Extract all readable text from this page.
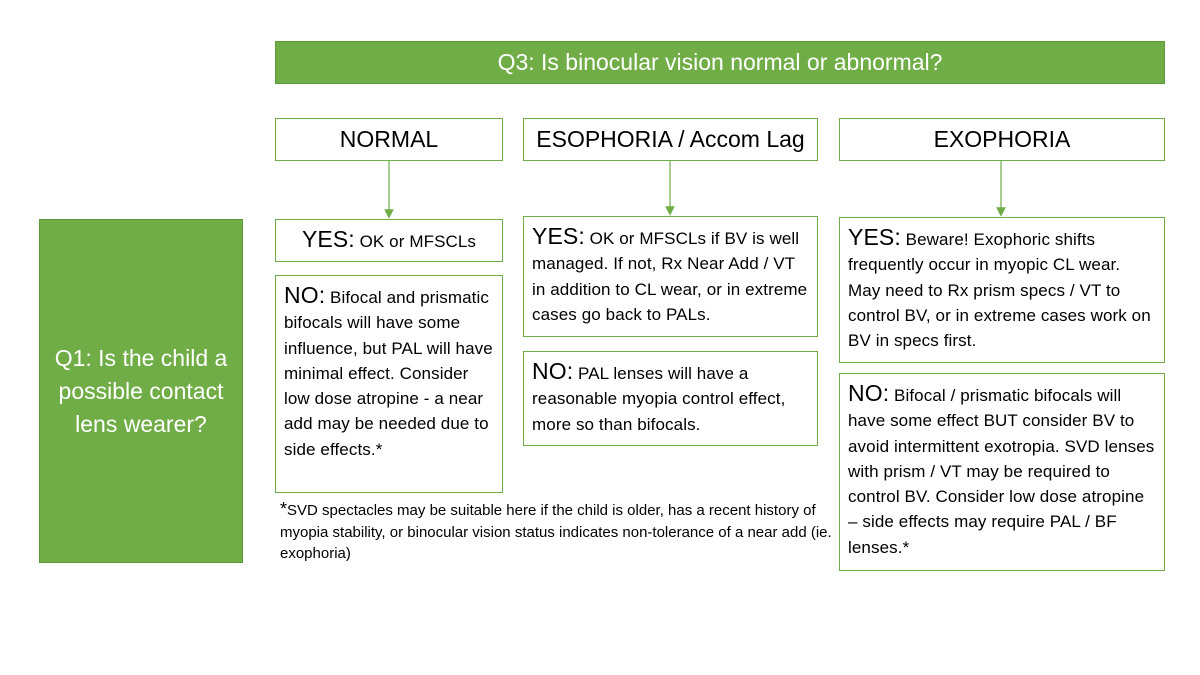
Q3: Is binocular vision normal or abnormal?
Q1: Is the child a possible contact lens wearer?
NORMAL	ESOPHORIA / Accom Lag	EXOPHORIA
YES: OK or MFSCLs
NO: Bifocal and prismatic bifocals will have some influence, but PAL will have minimal effect. Consider low dose atropine - a near add may be needed due to side effects.*
*SVD spectacles may be suitable here if the child is older, has a recent history of myopia stability, or binocular vision status indicates non-tolerance of a near add (ie. exophoria)
YES: OK or MFSCLs if BV is well managed. If not, Rx Near Add / VT in addition to CL wear, or in extreme cases go back to PALs.
NO: PAL lenses will have a reasonable myopia control effect, more so than bifocals.
YES: Beware! Exophoric shifts frequently occur in myopic CL wear. May need to Rx prism specs / VT to control BV, or in extreme cases work on BV in specs first.
NO: Bifocal / prismatic bifocals will have some effect BUT consider BV to avoid intermittent exotropia. SVD lenses with prism / VT may be required to control BV. Consider low dose atropine – side effects may require PAL / BF lenses.*
